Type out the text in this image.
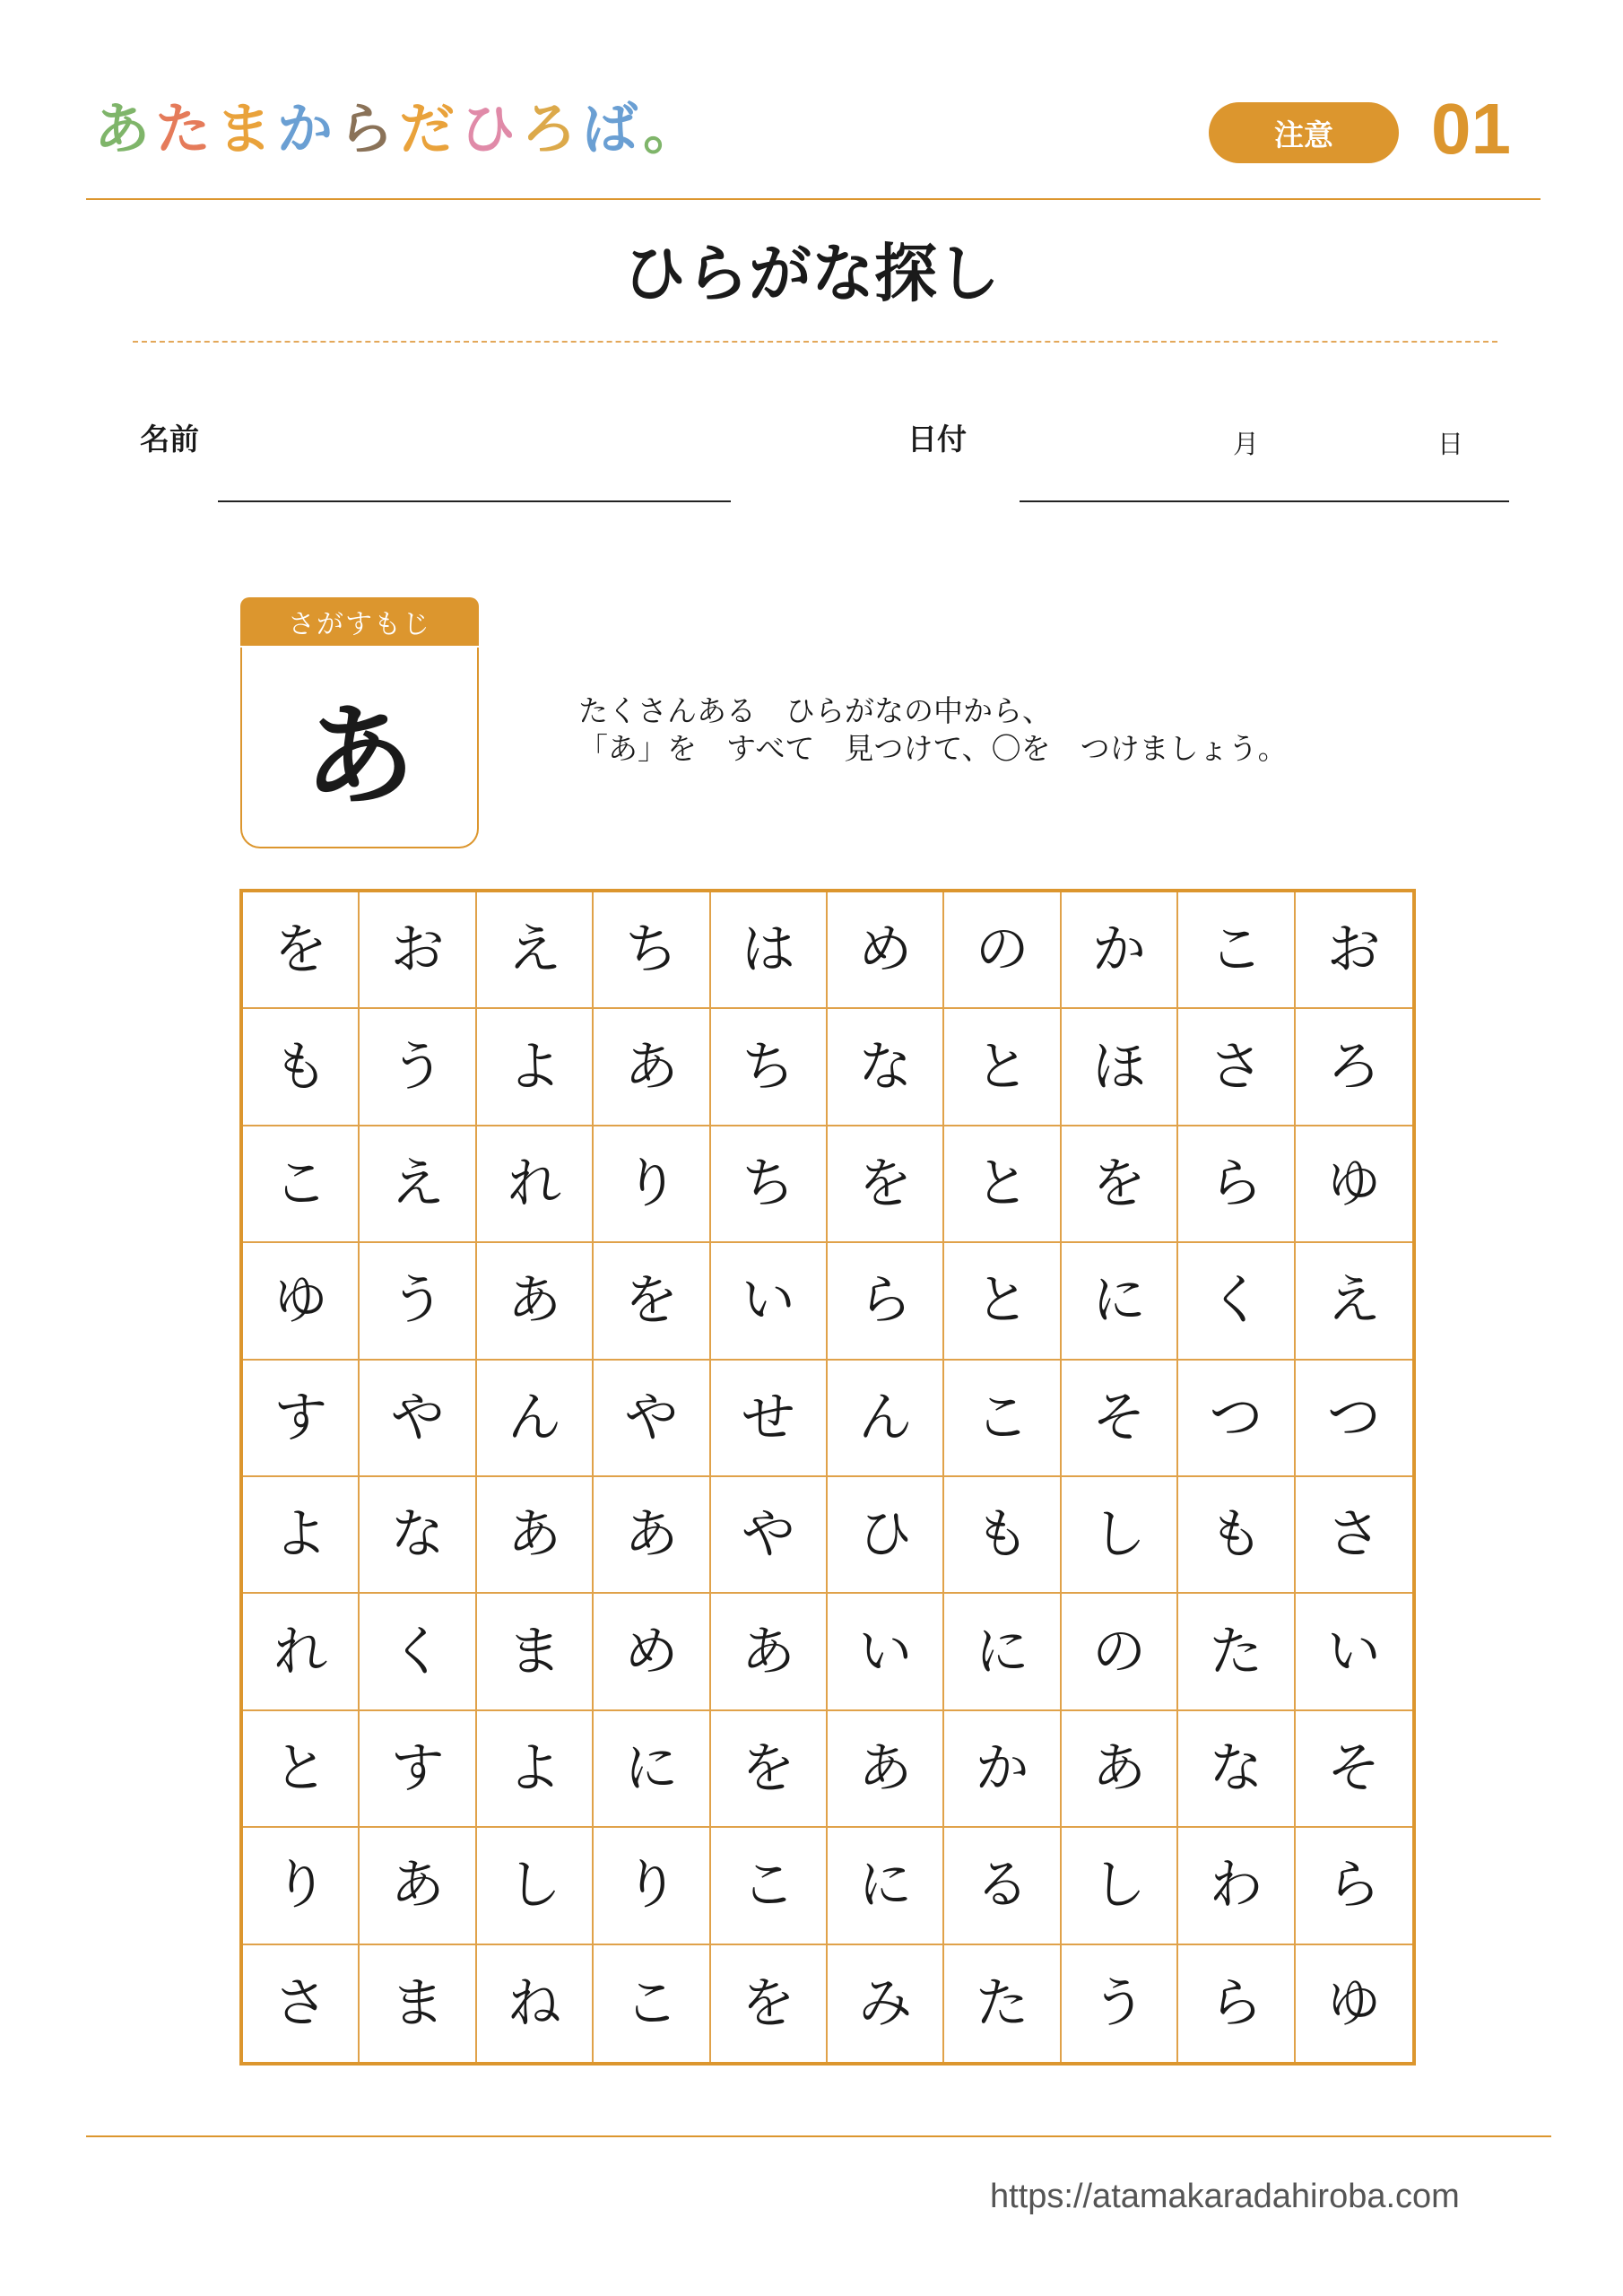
あ た ま か ら だ ひ ろ ば 。	注意	01
ひらがな探し
名前	日付	月	日
さがすもじ
あ	たくさんある　ひらがなの中から、
「あ」を　すべて　見つけて、〇を　つけましょう。
を	お	え	ち	は	め	の	か	こ	お
も	う	よ	あ	ち	な	と	ほ	さ	ろ
こ	え	れ	り	ち	を	と	を	ら	ゆ
ゆ	う	あ	を	い	ら	と	に	く	え
す	や	ん	や	せ	ん	こ	そ	つ	つ
よ	な	あ	あ	や	ひ	も	し	も	さ
れ	く	ま	め	あ	い	に	の	た	い
と	す	よ	に	を	あ	か	あ	な	そ
り	あ	し	り	こ	に	る	し	わ	ら
さ	ま	ね	こ	を	み	た	う	ら	ゆ
https://atamakaradahiroba.com
